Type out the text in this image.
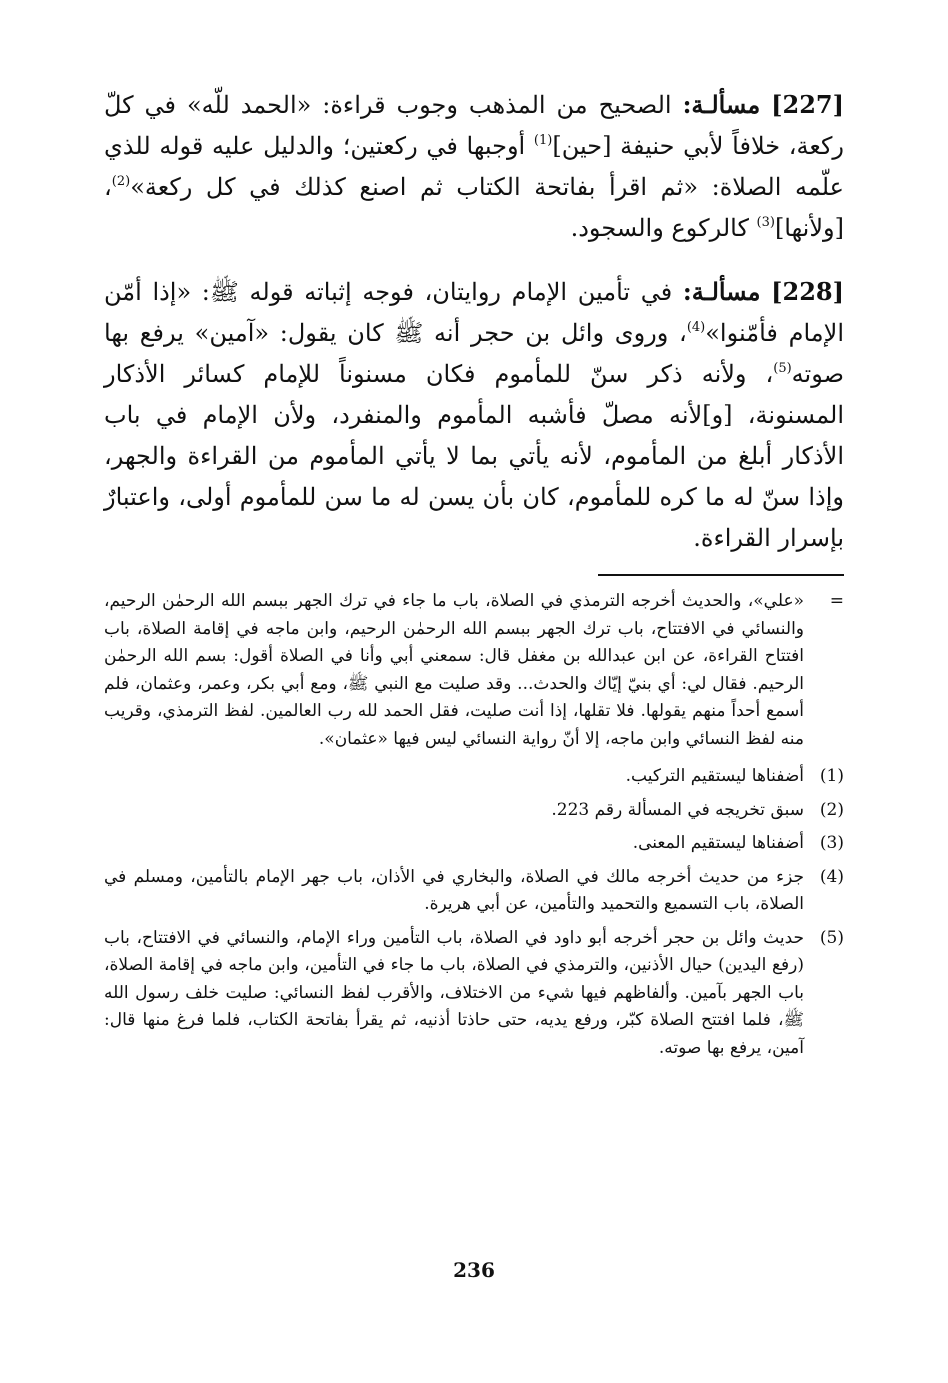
[227] مسألـة: الصحيح من المذهب وجوب قراءة: «الحمد للّه» في كلّ ركعة، خلافاً لأبي حنيفة [حين]$^{(1)}$ أوجبها في ركعتين؛ والدليل عليه قوله للذي علّمه الصلاة: «ثم اقرأ بفاتحة الكتاب ثم اصنع كذلك في كل ركعة»$^{(2)}$، [ولأنها]$^{(3)}$ كالركوع والسجود.

[228] مسألـة: في تأمين الإمام روايتان، فوجه إثباته قوله ﷺ: «إذا أمّن الإمام فأمّنوا»$^{(4)}$، وروى وائل بن حجر أنه ﷺ كان يقول: «آمين» يرفع بها صوته$^{(5)}$، ولأنه ذكر سنّ للمأموم فكان مسنوناً للإمام كسائر الأذكار المسنونة، [و]لأنه مصلّ فأشبه المأموم والمنفرد، ولأن الإمام في باب الأذكار أبلغ من المأموم، لأنه يأتي بما لا يأتي المأموم من القراءة والجهر، وإذا سنّ له ما كره للمأموم، كان بأن يسن له ما سن للمأموم أولى، واعتبارٌ بإسرار القراءة.

=
«علي»، والحديث أخرجه الترمذي في الصلاة، باب ما جاء في ترك الجهر ببسم الله الرحمٰن الرحيم، والنسائي في الافتتاح، باب ترك الجهر ببسم الله الرحمٰن الرحيم، وابن ماجه في إقامة الصلاة، باب افتتاح القراءة، عن ابن عبدالله بن مغفل قال: سمعني أبي وأنا في الصلاة أقول: بسم الله الرحمٰن الرحيم. فقال لي: أي بنيّ إيّاك والحدث... وقد صليت مع النبي ﷺ، ومع أبي بكر، وعمر، وعثمان، فلم أسمع أحداً منهم يقولها. فلا تقلها، إذا أنت صليت، فقل الحمد لله رب العالمين. لفظ الترمذي، وقريب منه لفظ النسائي وابن ماجه، إلا أنّ رواية النسائي ليس فيها «عثمان».
(1)
أضفناها ليستقيم التركيب.
(2)
سبق تخريجه في المسألة رقم 223.
(3)
أضفناها ليستقيم المعنى.
(4)
جزء من حديث أخرجه مالك في الصلاة، والبخاري في الأذان، باب جهر الإمام بالتأمين، ومسلم في الصلاة، باب التسميع والتحميد والتأمين، عن أبي هريرة.
(5)
حديث وائل بن حجر أخرجه أبو داود في الصلاة، باب التأمين وراء الإمام، والنسائي في الافتتاح، باب (رفع اليدين) حيال الأذنين، والترمذي في الصلاة، باب ما جاء في التأمين، وابن ماجه في إقامة الصلاة، باب الجهر بآمين. وألفاظهم فيها شيء من الاختلاف، والأقرب لفظ النسائي: صليت خلف رسول الله ﷺ، فلما افتتح الصلاة كبّر، ورفع يديه، حتى حاذتا أذنيه، ثم يقرأ بفاتحة الكتاب، فلما فرغ منها قال: آمين، يرفع بها صوته.
236
